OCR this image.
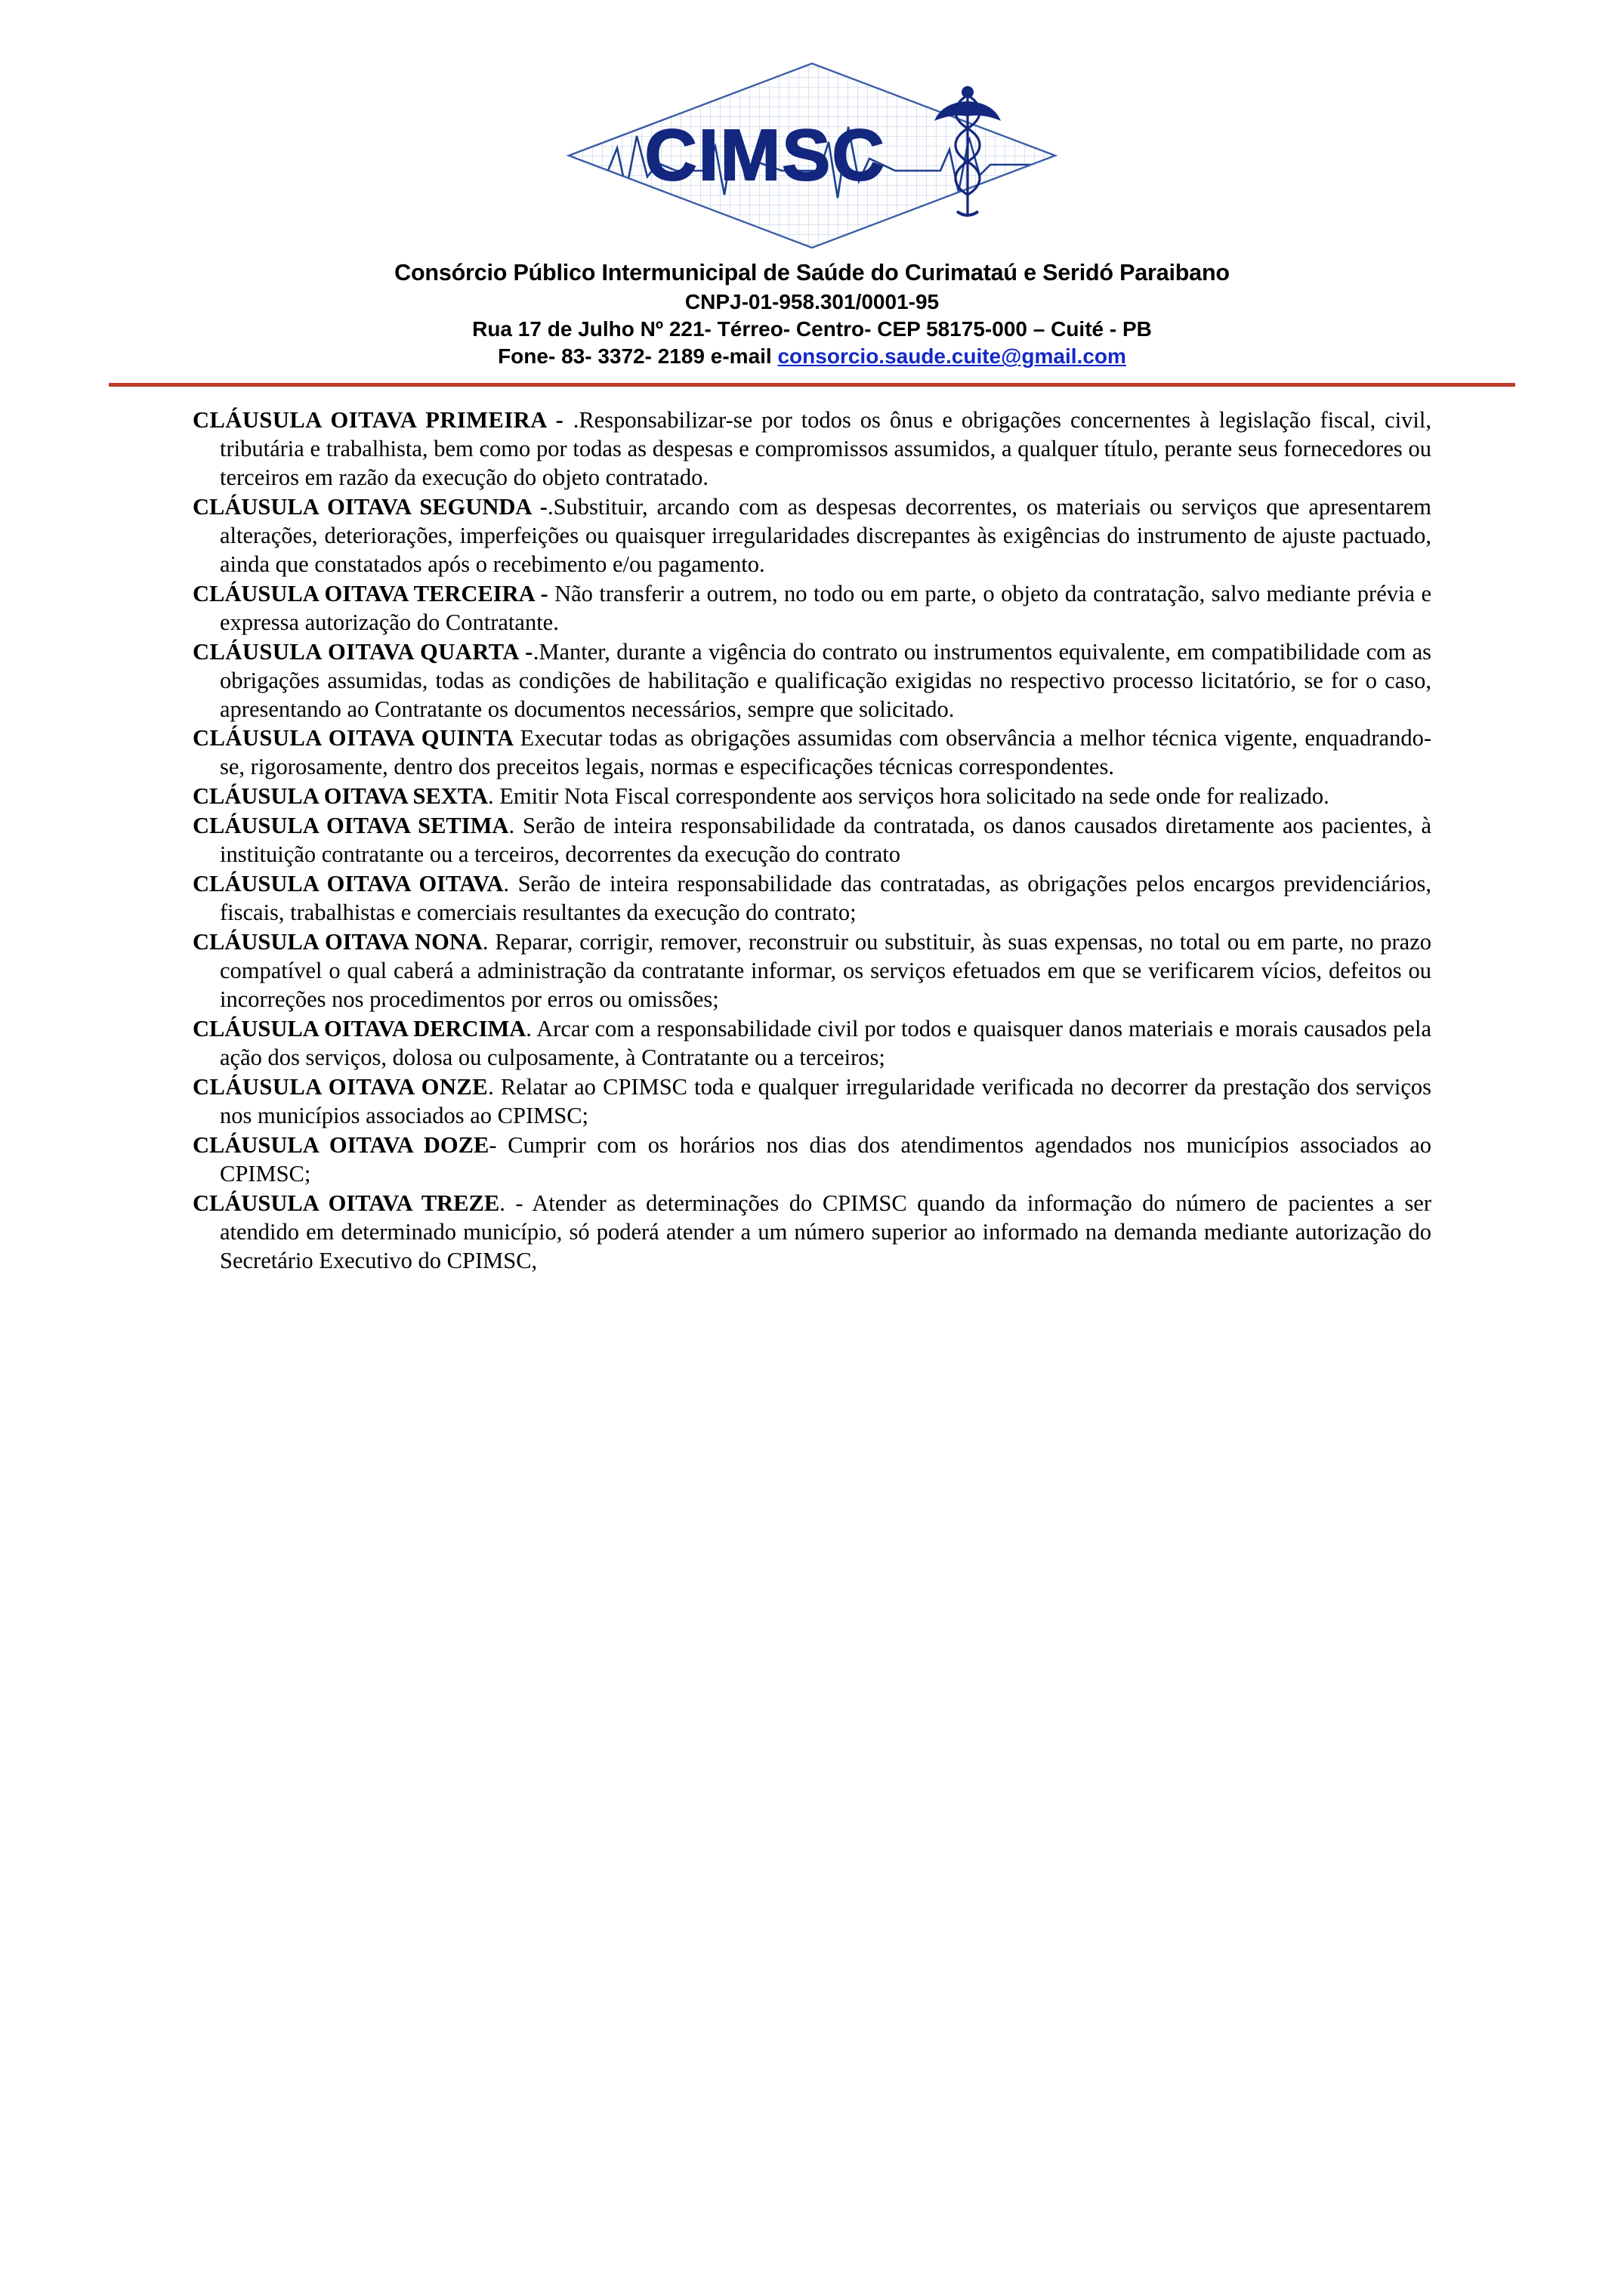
CIMSC
Consórcio Público Intermunicipal de Saúde do Curimataú e Seridó Paraibano
CNPJ-01-958.301/0001-95
Rua 17 de Julho Nº 221- Térreo- Centro- CEP 58175-000 – Cuité - PB
Fone- 83- 3372- 2189 e-mail consorcio.saude.cuite@gmail.com

CLÁUSULA OITAVA PRIMEIRA - .Responsabilizar-se por todos os ônus e obrigações concernentes à legislação fiscal, civil, tributária e trabalhista, bem como por todas as despesas e compromissos assumidos, a qualquer título, perante seus fornecedores ou terceiros em razão da execução do objeto contratado.

CLÁUSULA OITAVA SEGUNDA -.Substituir, arcando com as despesas decorrentes, os materiais ou serviços que apresentarem alterações, deteriorações, imperfeições ou quaisquer irregularidades discrepantes às exigências do instrumento de ajuste pactuado, ainda que constatados após o recebimento e/ou pagamento.

CLÁUSULA OITAVA TERCEIRA - Não transferir a outrem, no todo ou em parte, o objeto da contratação, salvo mediante prévia e expressa autorização do Contratante.

CLÁUSULA OITAVA QUARTA -.Manter, durante a vigência do contrato ou instrumentos equivalente, em compatibilidade com as obrigações assumidas, todas as condições de habilitação e qualificação exigidas no respectivo processo licitatório, se for o caso, apresentando ao Contratante os documentos necessários, sempre que solicitado.

CLÁUSULA OITAVA QUINTA Executar todas as obrigações assumidas com observância a melhor técnica vigente, enquadrando-se, rigorosamente, dentro dos preceitos legais, normas e especificações técnicas correspondentes.

CLÁUSULA OITAVA SEXTA. Emitir Nota Fiscal correspondente aos serviços hora solicitado na sede onde for realizado.

CLÁUSULA OITAVA SETIMA. Serão de inteira responsabilidade da contratada, os danos causados diretamente aos pacientes, à instituição contratante ou a terceiros, decorrentes da execução do contrato

CLÁUSULA OITAVA OITAVA. Serão de inteira responsabilidade das contratadas, as obrigações pelos encargos previdenciários, fiscais, trabalhistas e comerciais resultantes da execução do contrato;

CLÁUSULA OITAVA NONA. Reparar, corrigir, remover, reconstruir ou substituir, às suas expensas, no total ou em parte, no prazo compatível o qual caberá a administração da contratante informar, os serviços efetuados em que se verificarem vícios, defeitos ou incorreções nos procedimentos por erros ou omissões;

CLÁUSULA OITAVA DERCIMA. Arcar com a responsabilidade civil por todos e quaisquer danos materiais e morais causados pela ação dos serviços, dolosa ou culposamente, à Contratante ou a terceiros;

CLÁUSULA OITAVA ONZE. Relatar ao CPIMSC toda e qualquer irregularidade verificada no decorrer da prestação dos serviços nos municípios associados ao CPIMSC;

CLÁUSULA OITAVA DOZE- Cumprir com os horários nos dias dos atendimentos agendados nos municípios associados ao CPIMSC;

CLÁUSULA OITAVA TREZE. - Atender as determinações do CPIMSC quando da informação do número de pacientes a ser atendido em determinado município, só poderá atender a um número superior ao informado na demanda mediante autorização do Secretário Executivo do CPIMSC,
